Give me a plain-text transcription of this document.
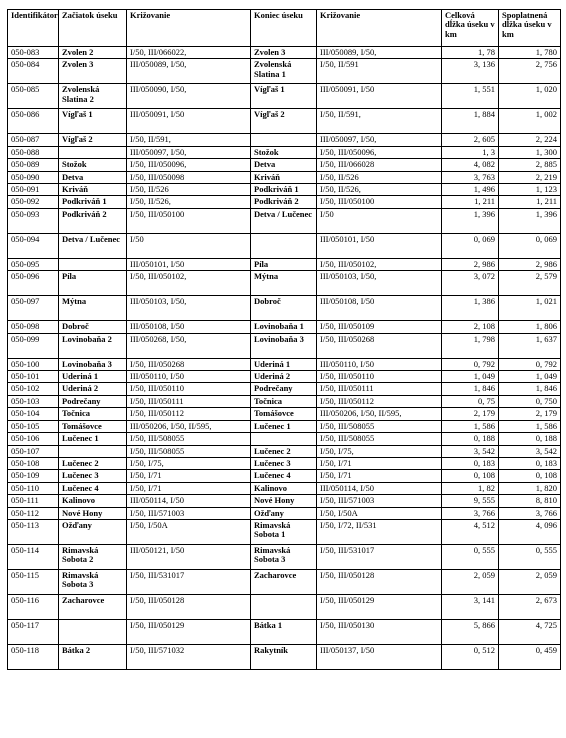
Identifikátor	Začiatok úseku	Križovanie	Koniec úseku	Križovanie	Celková dĺžka úseku v km	Spoplatnená dĺžka úseku v km
050-083	Zvolen 2	I/50, III/066022,	Zvolen 3	III/050089, I/50,	1, 78	1, 780
050-084	Zvolen 3	III/050089, I/50,	Zvolenská Slatina 1	I/50, II/591	3, 136	2, 756
050-085	Zvolenská Slatina 2	III/050090, I/50,	Vígľaš 1	III/050091, I/50	1, 551	1, 020
050-086	Vígľaš 1	III/050091, I/50	Vígľaš 2	I/50, II/591,	1, 884	1, 002
050-087	Vígľaš 2	I/50, II/591,		III/050097, I/50,	2, 605	2, 224
050-088		III/050097, I/50,	Stožok	I/50, III/050096,	1, 3	1, 300
050-089	Stožok	I/50, III/050096,	Detva	I/50, III/066028	4, 082	2, 885
050-090	Detva	I/50, III/050098	Kriváň	I/50, II/526	3, 763	2, 219
050-091	Kriváň	I/50, II/526	Podkriváň 1	I/50, II/526,	1, 496	1, 123
050-092	Podkriváň 1	I/50, II/526,	Podkriváň 2	I/50, III/050100	1, 211	1, 211
050-093	Podkriváň 2	I/50, III/050100	Detva / Lučenec	I/50	1, 396	1, 396
050-094	Detva / Lučenec	I/50		III/050101, I/50	0, 069	0, 069
050-095		III/050101, I/50	Píla	I/50, III/050102,	2, 986	2, 986
050-096	Píla	I/50, III/050102,	Mýtna	III/050103, I/50,	3, 072	2, 579
050-097	Mýtna	III/050103, I/50,	Dobroč	III/050108, I/50	1, 386	1, 021
050-098	Dobroč	III/050108, I/50	Lovinobaňa 1	I/50, III/050109	2, 108	1, 806
050-099	Lovinobaňa 2	III/050268, I/50,	Lovinobaňa 3	I/50, III/050268	1, 798	1, 637
050-100	Lovinobaňa 3	I/50, III/050268	Uderiná 1	III/050110, I/50	0, 792	0, 792
050-101	Uderiná 1	III/050110, I/50	Uderiná 2	I/50, III/050110	1, 049	1, 049
050-102	Uderiná 2	I/50, III/050110	Podrečany	I/50, III/050111	1, 846	1, 846
050-103	Podrečany	I/50, III/050111	Točnica	I/50, III/050112	0, 75	0, 750
050-104	Točnica	I/50, III/050112	Tomášovce	III/050206, I/50, II/595,	2, 179	2, 179
050-105	Tomášovce	III/050206, I/50, II/595,	Lučenec 1	I/50, III/508055	1, 586	1, 586
050-106	Lučenec 1	I/50, III/508055		I/50, III/508055	0, 188	0, 188
050-107		I/50, III/508055	Lučenec 2	I/50, I/75,	3, 542	3, 542
050-108	Lučenec 2	I/50, I/75,	Lučenec 3	I/50, I/71	0, 183	0, 183
050-109	Lučenec 3	I/50, I/71	Lučenec 4	I/50, I/71	0, 108	0, 108
050-110	Lučenec 4	I/50, I/71	Kalinovo	III/050114, I/50	1, 82	1, 820
050-111	Kalinovo	III/050114, I/50	Nové Hony	I/50, III/571003	9, 555	8, 810
050-112	Nové Hony	I/50, III/571003	Ožďany	I/50, I/50A	3, 766	3, 766
050-113	Ožďany	I/50, I/50A	Rimavská Sobota 1	I/50, I/72, II/531	4, 512	4, 096
050-114	Rimavská Sobota 2	III/050121, I/50	Rimavská Sobota 3	I/50, III/531017	0, 555	0, 555
050-115	Rimavská Sobota 3	I/50, III/531017	Zacharovce	I/50, III/050128	2, 059	2, 059
050-116	Zacharovce	I/50, III/050128		I/50, III/050129	3, 141	2, 673
050-117		I/50, III/050129	Bátka 1	I/50, III/050130	5, 866	4, 725
050-118	Bátka 2	I/50, III/571032	Rakytník	III/050137, I/50	0, 512	0, 459
